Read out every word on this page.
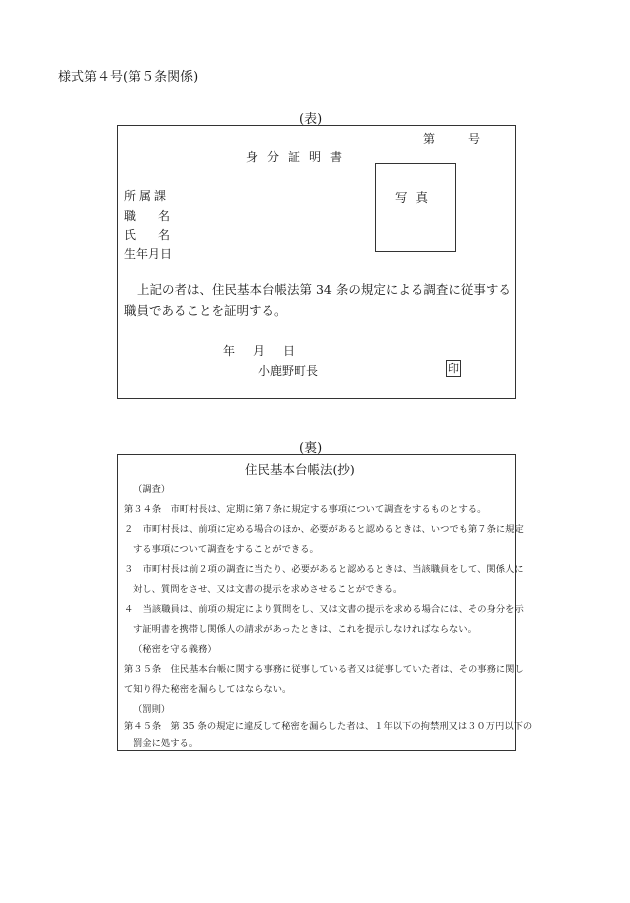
様式第４号(第５条関係)
(表)
第	号
身分証明書
写真
所属課
職 名
氏 名
生年月日
上記の者は、住民基本台帳法第 34 条の規定による調査に従事する職員であることを証明する。
年 月 日
小鹿野町長	印
(裏)
住民基本台帳法(抄)
（調査）
第３４条　市町村長は、定期に第７条に規定する事項について調査をするものとする。
２　市町村長は、前項に定める場合のほか、必要があると認めるときは、いつでも第７条に規定
する事項について調査をすることができる。
３　市町村長は前２項の調査に当たり、必要があると認めるときは、当該職員をして、関係人に
対し、質問をさせ、又は文書の提示を求めさせることができる。
４　当該職員は、前項の規定により質問をし、又は文書の提示を求める場合には、その身分を示
す証明書を携帯し関係人の請求があったときは、これを提示しなければならない。
（秘密を守る義務）
第３５条　住民基本台帳に関する事務に従事している者又は従事していた者は、その事務に関し
て知り得た秘密を漏らしてはならない。
（罰則）
第４５条　第 35 条の規定に違反して秘密を漏らした者は、１年以下の拘禁刑又は３０万円以下の
罰金に処する。
